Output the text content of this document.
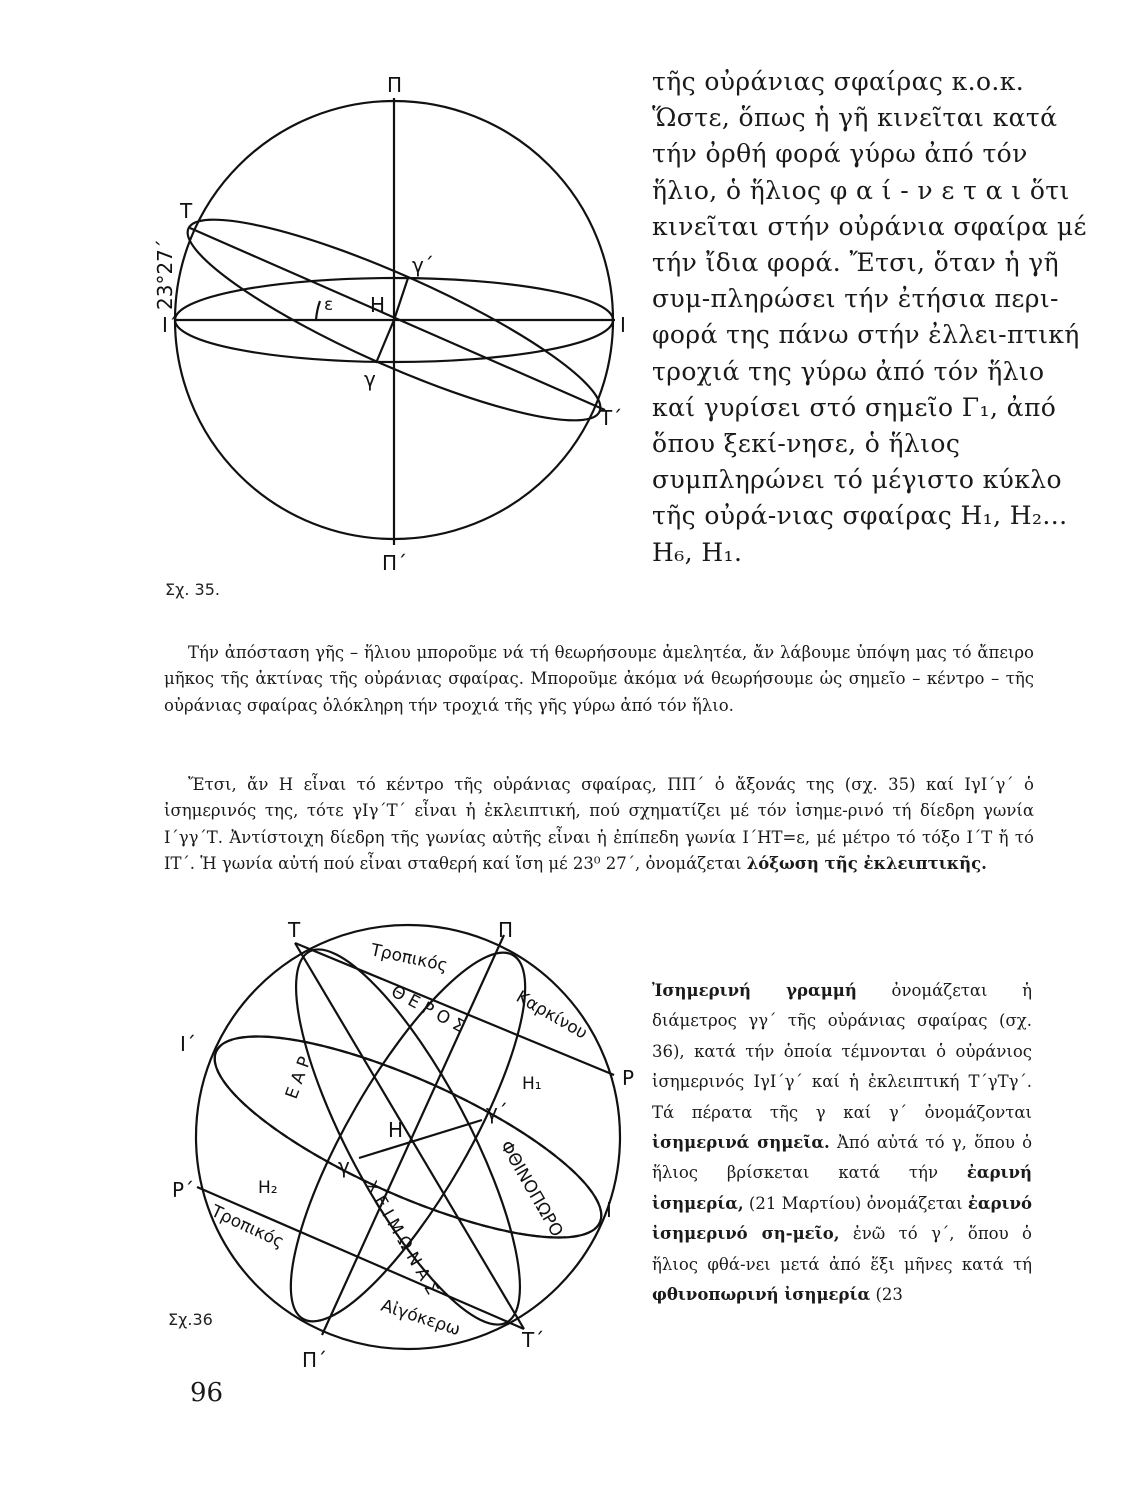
Π
Π΄
Τ
Τ΄
Ι΄	Ι
Η
γ
γ΄
ε
23°27΄
Σχ. 35.

τῆς οὐράνιας σφαίρας κ.ο.κ. Ὥστε, ὅπως ἡ γῆ κινεῖται κατά τήν ὀρθή φορά γύρω ἀπό τόν ἥλιο, ὁ ἥλιος φ α ί - ν ε τ α ι ὅτι κινεῖται στήν οὐράνια σφαίρα μέ τήν ἴδια φορά. Ἔτσι, ὅταν ἡ γῆ συμ-πληρώσει τήν ἐτήσια περι-φορά της πάνω στήν ἐλλει-πτική τροχιά της γύρω ἀπό τόν ἥλιο καί γυρίσει στό σημεῖο Γ₁, ἀπό ὅπου ξεκί-νησε, ὁ ἥλιος συμπληρώνει τό μέγιστο κύκλο τῆς οὐρά-νιας σφαίρας Η₁, Η₂... Η₆, Η₁.

Τήν ἀπόσταση γῆς – ἥλιου μποροῦμε νά τή θεωρήσουμε ἀμελητέα, ἄν λάβουμε ὑπόψη μας τό ἄπειρο μῆκος τῆς ἀκτίνας τῆς οὐράνιας σφαίρας. Μποροῦμε ἀκόμα νά θεωρήσουμε ὡς σημεῖο – κέντρο – τῆς οὐράνιας σφαίρας ὁλόκληρη τήν τροχιά τῆς γῆς γύρω ἀπό τόν ἥλιο.

Ἔτσι, ἄν Η εἶναι τό κέντρο τῆς οὐράνιας σφαίρας, ΠΠ΄ ὁ ἄξονάς της (σχ. 35) καί ΙγΙ΄γ΄ ὁ ἰσημερινός της, τότε γΙγ΄Τ΄ εἶναι ἡ ἐκλειπτική, πού σχηματίζει μέ τόν ἰσημε-ρινό τή δίεδρη γωνία Ι΄γγ΄Τ. Ἀντίστοιχη δίεδρη τῆς γωνίας αὐτῆς εἶναι ἡ ἐπίπεδη γωνία Ι΄ΗΤ=ε, μέ μέτρο τό τόξο Ι΄Τ ἤ τό ΙΤ΄. Ἡ γωνία αὐτή πού εἶναι σταθερή καί ἴση μέ 23⁰ 27΄, ὀνομάζεται λόξωση τῆς ἐκλειπτικῆς.

Τ	Π
Π΄
Τ΄
Ρ
Ρ΄
Ι΄
Ι
Η
γ
γ΄
Η₁
Η₂
Τροπικός
Καρκίνου
Θ Ε Ρ Ο Σ
Ε Α Ρ
ΦΘΙΝΟΠΩΡΟ
Χ Ε Ι Μ Ω Ν Α Σ
Τροπικός
Αἰγόκερω
Σχ.36

Ἰσημερινή γραμμή ὀνομάζεται ἡ διάμετρος γγ΄ τῆς οὐράνιας σφαίρας (σχ. 36), κατά τήν ὁποία τέμνονται ὁ οὐράνιος ἰσημερινός ΙγΙ΄γ΄ καί ἡ ἐκλειπτική Τ΄γΤγ΄. Τά πέρατα τῆς γ καί γ΄ ὀνομάζονται ἰσημερινά σημεῖα. Ἀπό αὐτά τό γ, ὅπου ὁ ἥλιος βρίσκεται κατά τήν ἐαρινή ἰσημερία, (21 Μαρτίου) ὀνομάζεται ἐαρινό ἰσημερινό ση-μεῖο, ἐνῶ τό γ΄, ὅπου ὁ ἥλιος φθά-νει μετά ἀπό ἕξι μῆνες κατά τή φθινοπωρινή ἰσημερία (23

96
